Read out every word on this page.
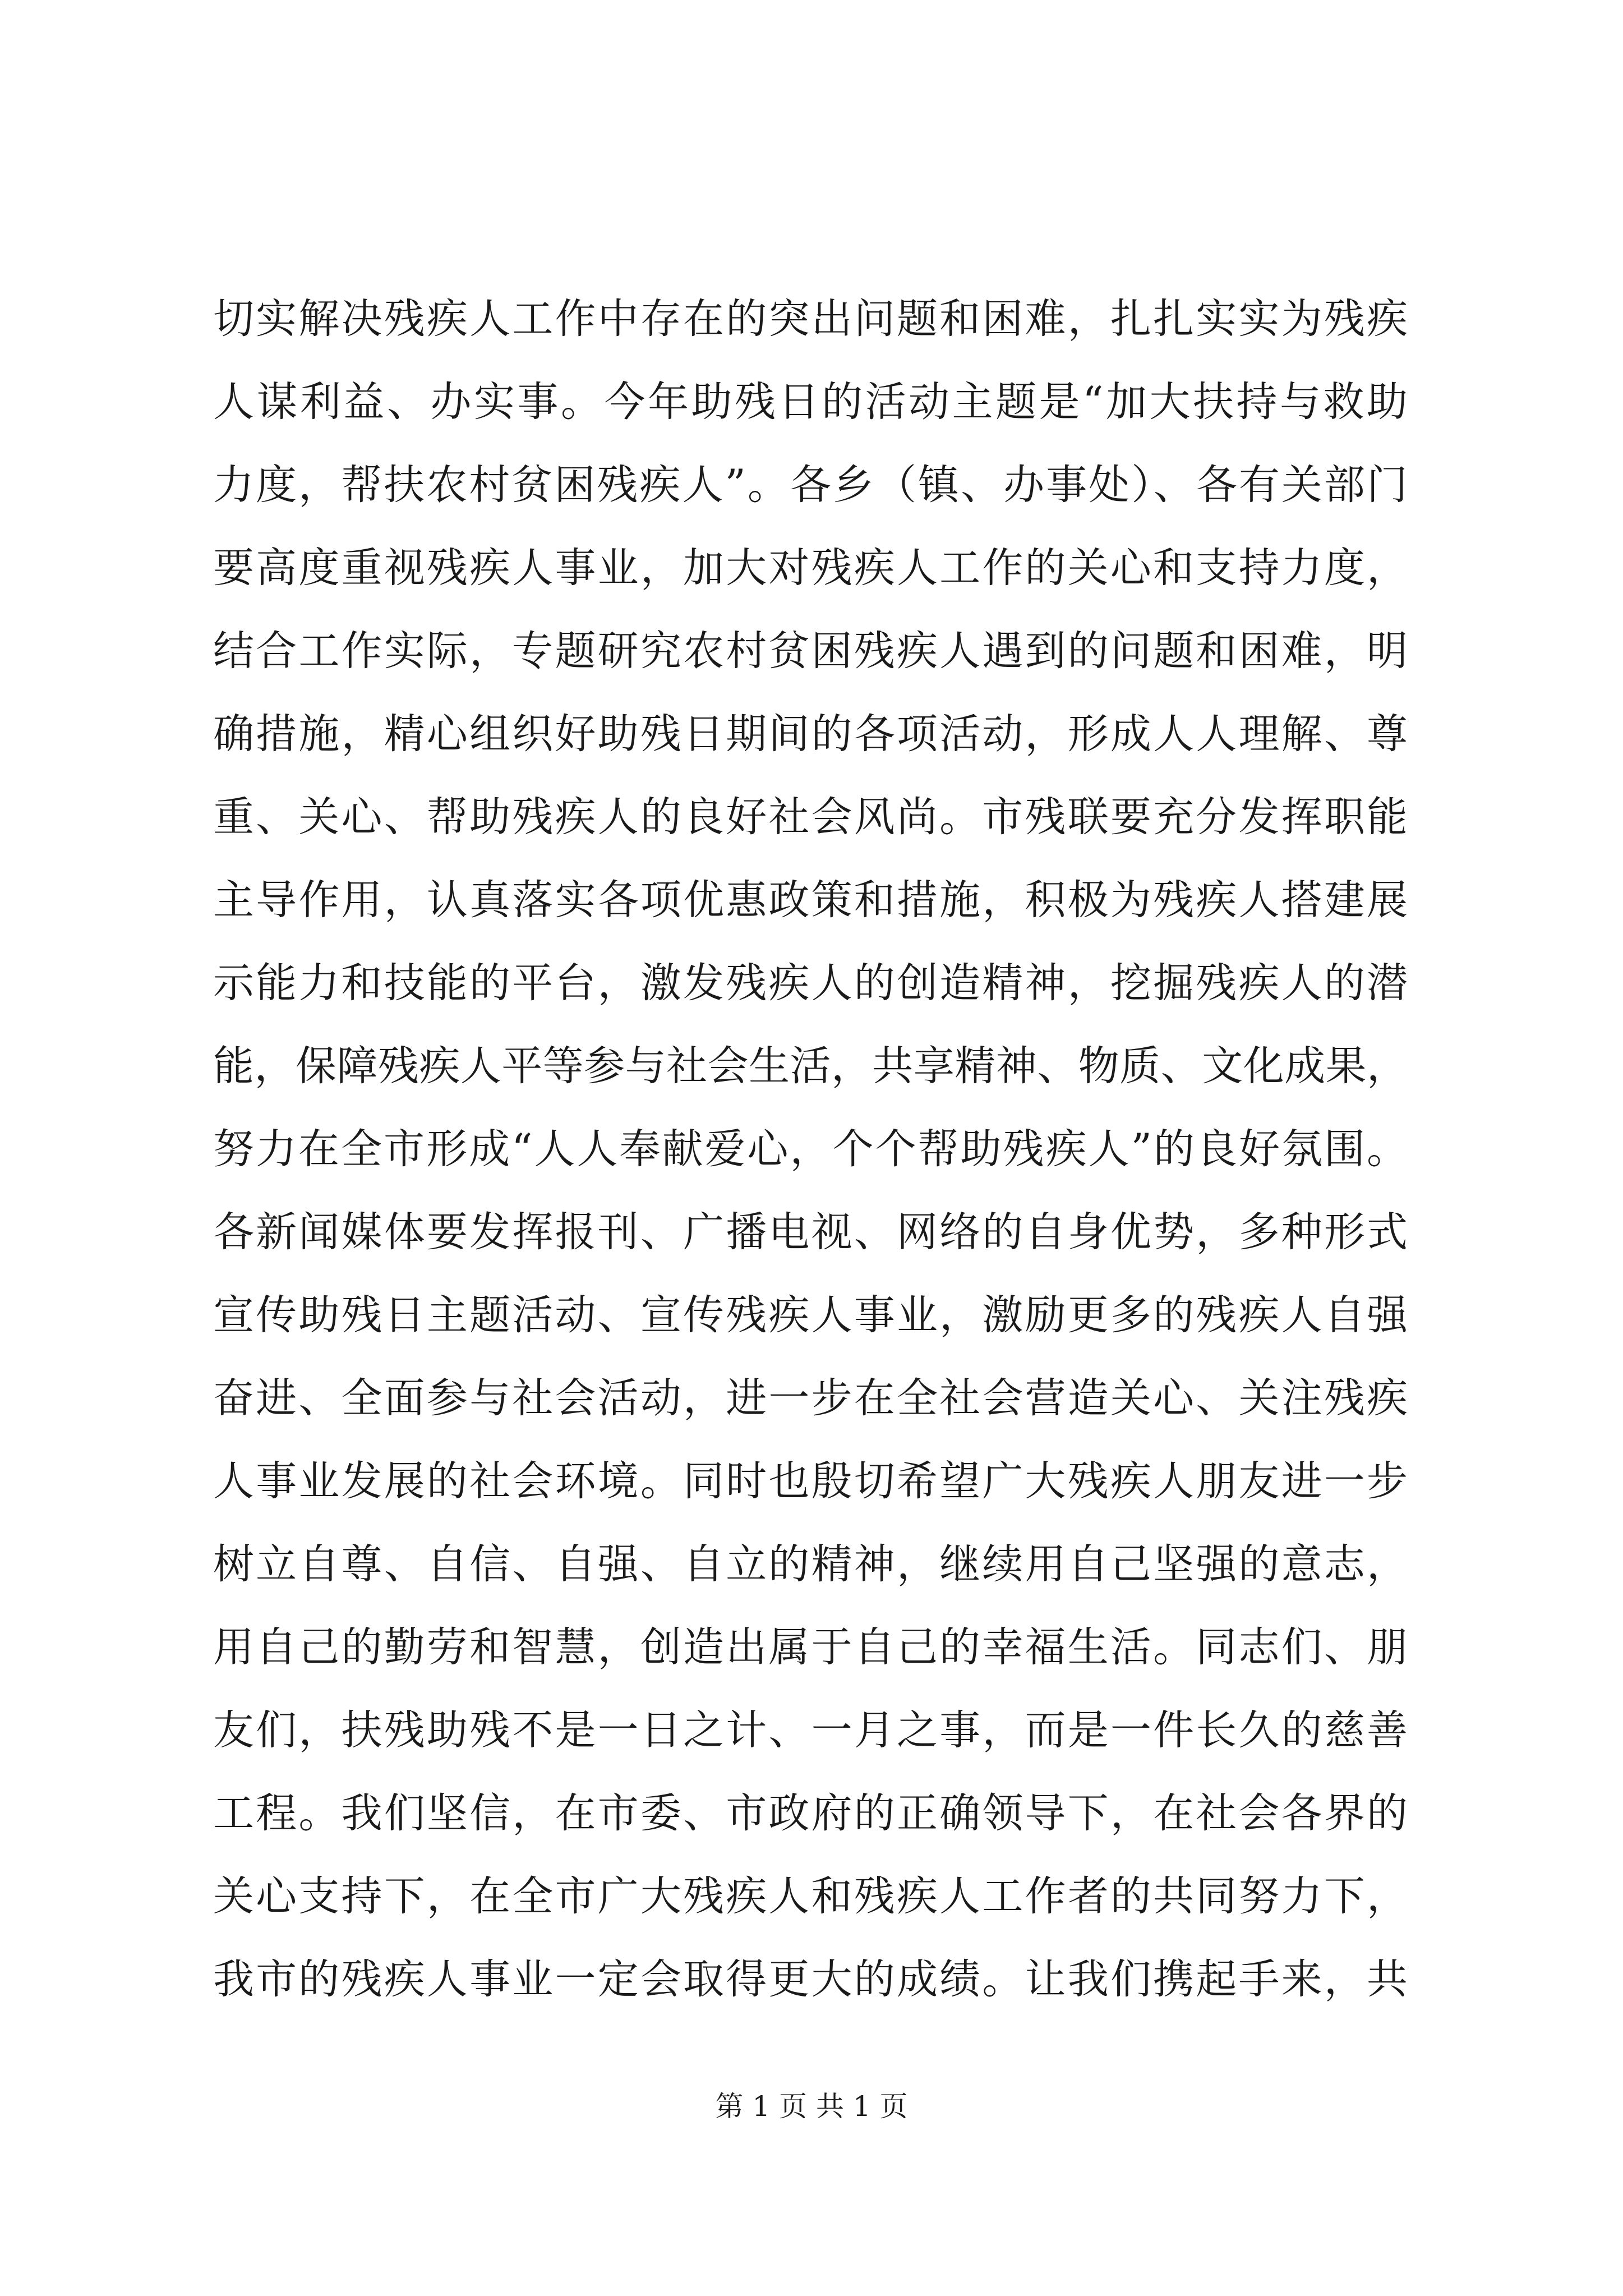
切实解决残疾人工作中存在的突出问题和困难，扎扎实实为残疾
人谋利益、办实事。今年助残日的活动主题是“加大扶持与救助
力度，帮扶农村贫困残疾人”。各乡（镇、办事处）、各有关部门
要高度重视残疾人事业，加大对残疾人工作的关心和支持力度，
结合工作实际，专题研究农村贫困残疾人遇到的问题和困难，明
确措施，精心组织好助残日期间的各项活动，形成人人理解、尊
重、关心、帮助残疾人的良好社会风尚。市残联要充分发挥职能
主导作用，认真落实各项优惠政策和措施，积极为残疾人搭建展
示能力和技能的平台，激发残疾人的创造精神，挖掘残疾人的潜
能，保障残疾人平等参与社会生活，共享精神、物质、文化成果，
努力在全市形成“人人奉献爱心，个个帮助残疾人”的良好氛围。
各新闻媒体要发挥报刊、广播电视、网络的自身优势，多种形式
宣传助残日主题活动、宣传残疾人事业，激励更多的残疾人自强
奋进、全面参与社会活动，进一步在全社会营造关心、关注残疾
人事业发展的社会环境。同时也殷切希望广大残疾人朋友进一步
树立自尊、自信、自强、自立的精神，继续用自己坚强的意志，
用自己的勤劳和智慧，创造出属于自己的幸福生活。同志们、朋
友们，扶残助残不是一日之计、一月之事，而是一件长久的慈善
工程。我们坚信，在市委、市政府的正确领导下，在社会各界的
关心支持下，在全市广大残疾人和残疾人工作者的共同努力下，
我市的残疾人事业一定会取得更大的成绩。让我们携起手来，共
第 1 页 共 1 页
